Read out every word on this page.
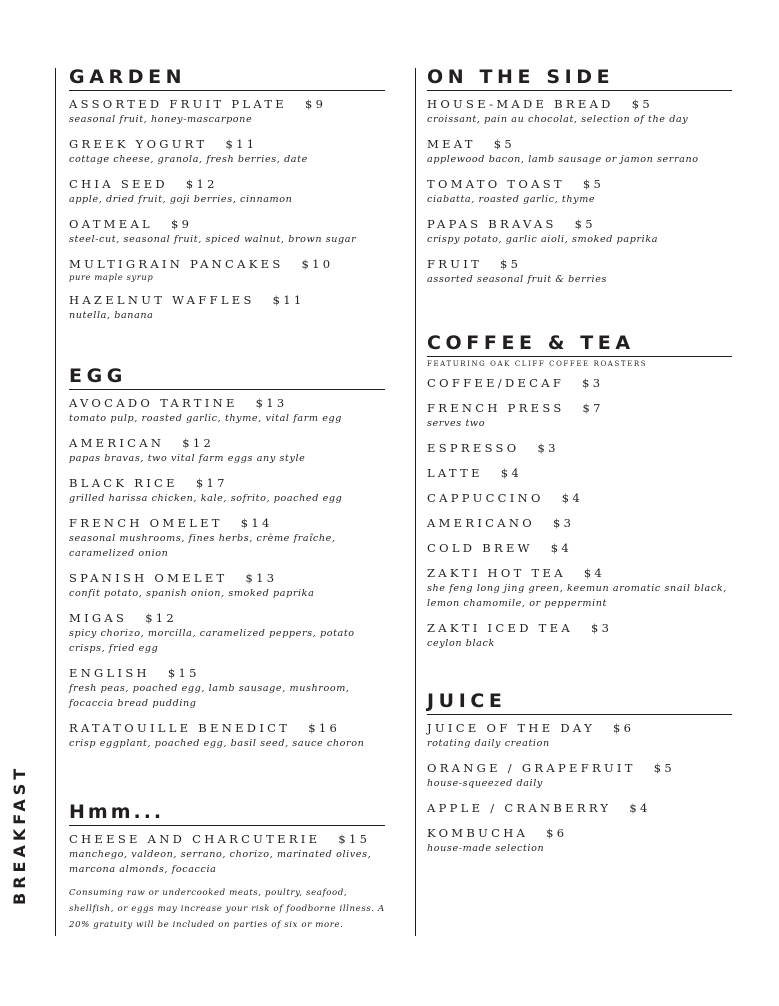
BREAKFAST
GARDEN
ASSORTED FRUIT PLATE $9
seasonal fruit, honey-mascarpone
GREEK YOGURT $11
cottage cheese, granola, fresh berries, date
CHIA SEED $12
apple, dried fruit, goji berries, cinnamon
OATMEAL $9
steel-cut, seasonal fruit, spiced walnut, brown sugar
MULTIGRAIN PANCAKES $10
pure maple syrup
HAZELNUT WAFFLES $11
nutella, banana
EGG
AVOCADO TARTINE $13
tomato pulp, roasted garlic, thyme, vital farm egg
AMERICAN $12
papas bravas, two vital farm eggs any style
BLACK RICE $17
grilled harissa chicken, kale, sofrito, poached egg
FRENCH OMELET $14
seasonal mushrooms, fines herbs, crème fraîche, caramelized onion
SPANISH OMELET $13
confit potato, spanish onion, smoked paprika
MIGAS $12
spicy chorizo, morcilla, caramelized peppers, potato crisps, fried egg
ENGLISH $15
fresh peas, poached egg, lamb sausage, mushroom, focaccia bread pudding
RATATOUILLE BENEDICT $16
crisp eggplant, poached egg, basil seed, sauce choron
Hmm...
CHEESE AND CHARCUTERIE $15
manchego, valdeon, serrano, chorizo, marinated olives, marcona almonds, focaccia
Consuming raw or undercooked meats, poultry, seafood, shellfish, or eggs may increase your risk of foodborne illness. A 20% gratuity will be included on parties of six or more.
ON THE SIDE
HOUSE-MADE BREAD $5
croissant, pain au chocolat, selection of the day
MEAT $5
applewood bacon, lamb sausage or jamon serrano
TOMATO TOAST $5
ciabatta, roasted garlic, thyme
PAPAS BRAVAS $5
crispy potato, garlic aioli, smoked paprika
FRUIT $5
assorted seasonal fruit & berries
COFFEE & TEA
FEATURING OAK CLIFF COFFEE ROASTERS
COFFEE/DECAF $3
FRENCH PRESS $7
serves two
ESPRESSO $3
LATTE $4
CAPPUCCINO $4
AMERICANO $3
COLD BREW $4
ZAKTI HOT TEA $4
she feng long jing green, keemun aromatic snail black, lemon chamomile, or peppermint
ZAKTI ICED TEA $3
ceylon black
JUICE
JUICE OF THE DAY $6
rotating daily creation
ORANGE / GRAPEFRUIT $5
house-squeezed daily
APPLE / CRANBERRY $4
KOMBUCHA $6
house-made selection
